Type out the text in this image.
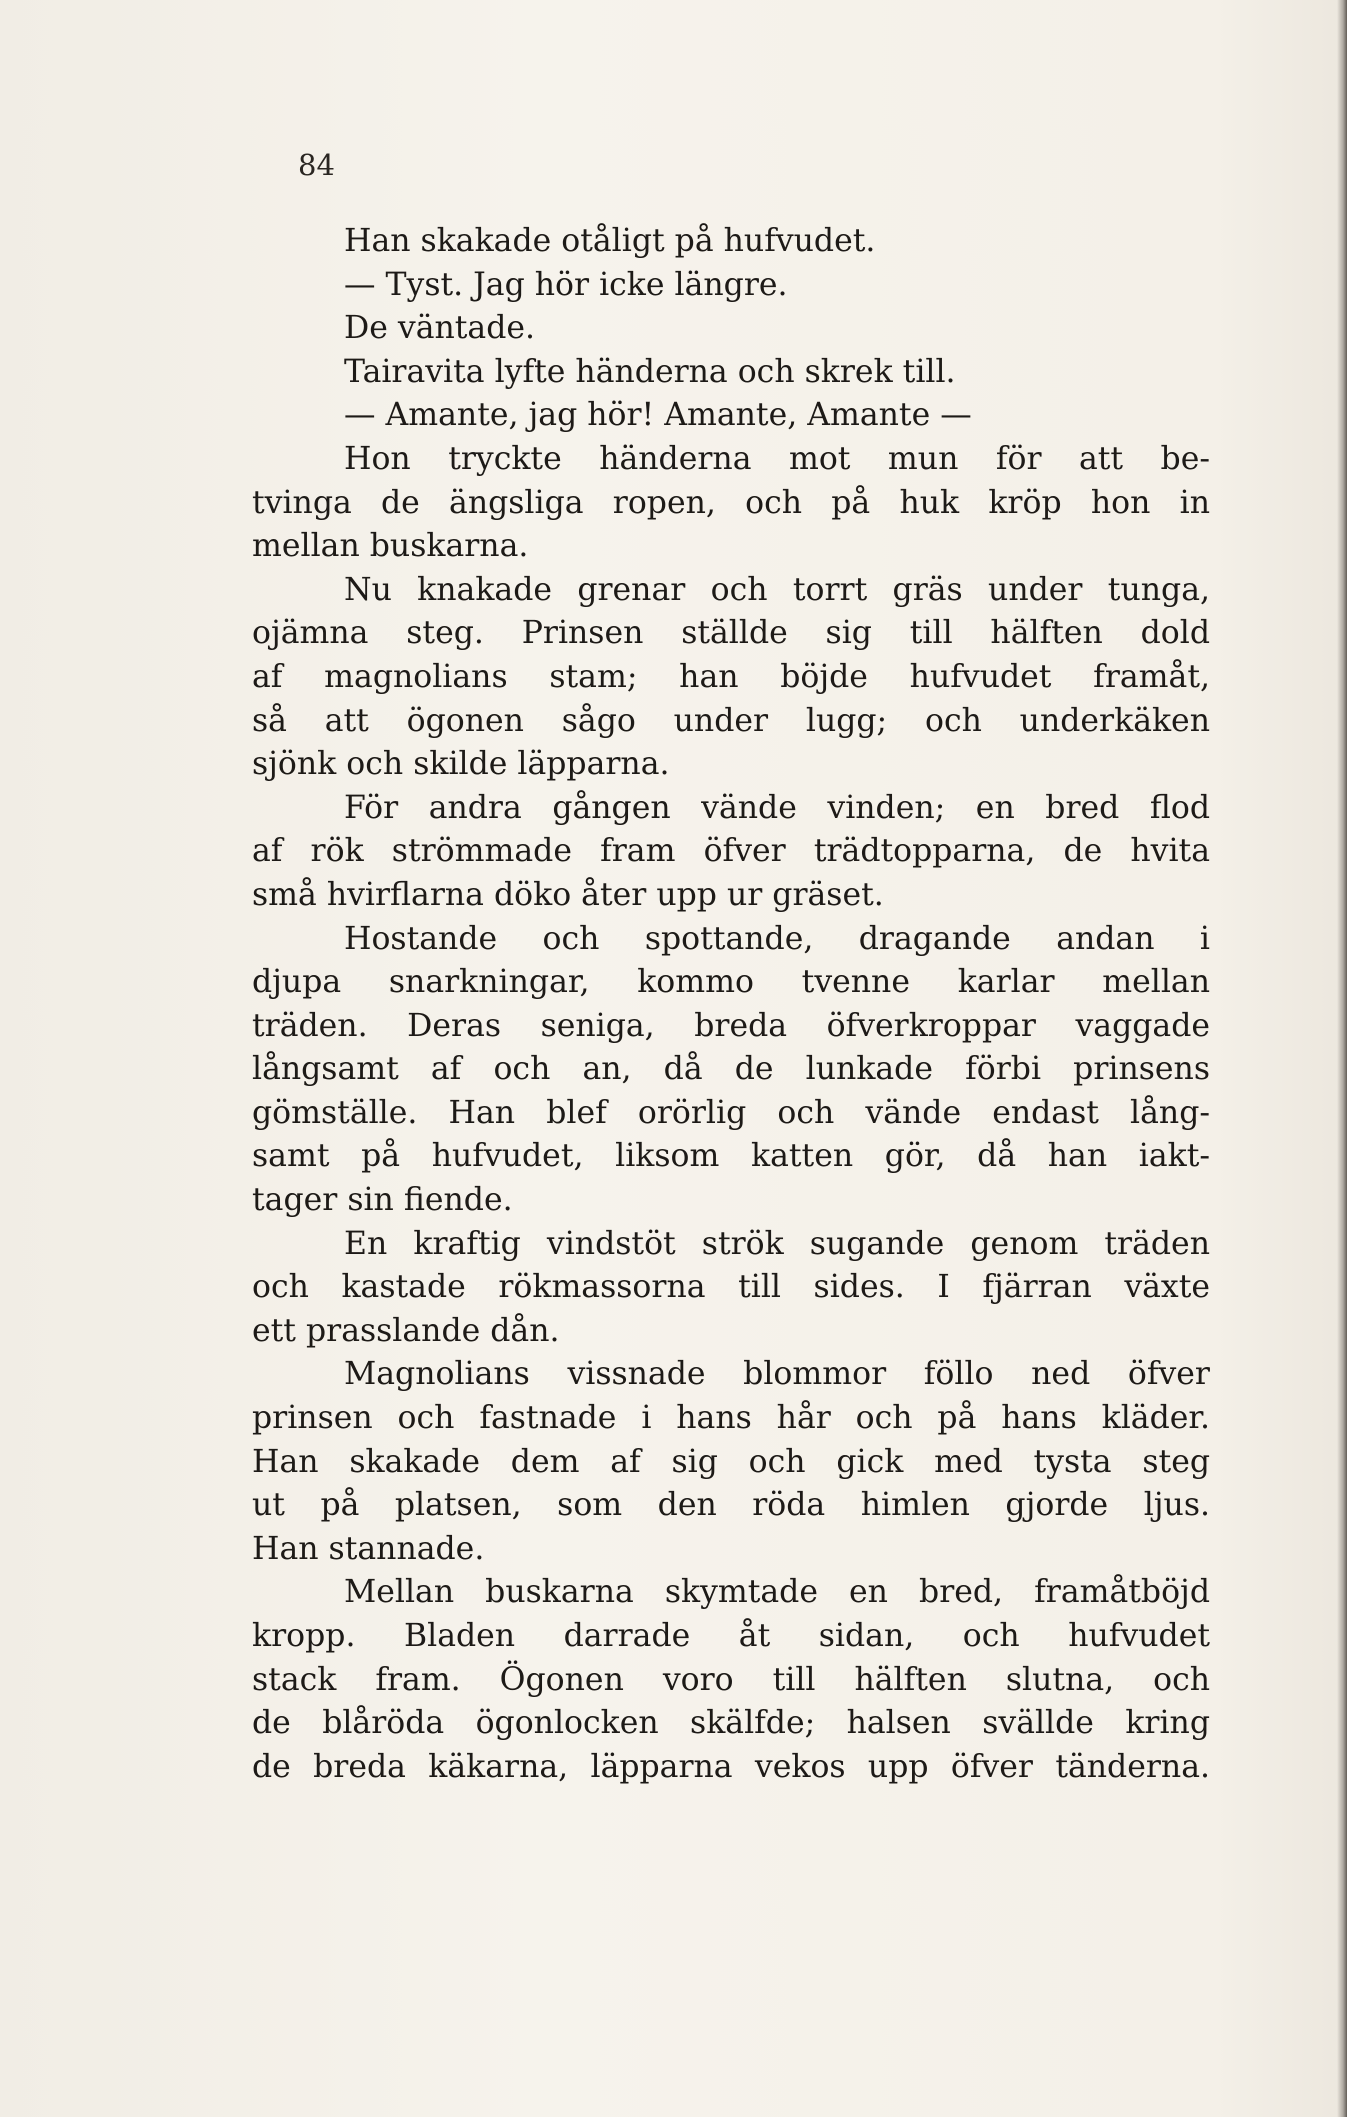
84
Han skakade otåligt på hufvudet.
— Tyst. Jag hör icke längre.
De väntade.
Tairavita lyfte händerna och skrek till.
— Amante, jag hör! Amante, Amante —
Hon tryckte händerna mot mun för att be-
tvinga de ängsliga ropen, och på huk kröp hon in
mellan buskarna.
Nu knakade grenar och torrt gräs under tunga,
ojämna steg. Prinsen ställde sig till hälften dold
af magnolians stam; han böjde hufvudet framåt,
så att ögonen sågo under lugg; och underkäken
sjönk och skilde läpparna.
För andra gången vände vinden; en bred flod
af rök strömmade fram öfver trädtopparna, de hvita
små hvirflarna döko åter upp ur gräset.
Hostande och spottande, dragande andan i
djupa snarkningar, kommo tvenne karlar mellan
träden. Deras seniga, breda öfverkroppar vaggade
långsamt af och an, då de lunkade förbi prinsens
gömställe. Han blef orörlig och vände endast lång-
samt på hufvudet, liksom katten gör, då han iakt-
tager sin fiende.
En kraftig vindstöt strök sugande genom träden
och kastade rökmassorna till sides. I fjärran växte
ett prasslande dån.
Magnolians vissnade blommor föllo ned öfver
prinsen och fastnade i hans hår och på hans kläder.
Han skakade dem af sig och gick med tysta steg
ut på platsen, som den röda himlen gjorde ljus.
Han stannade.
Mellan buskarna skymtade en bred, framåtböjd
kropp. Bladen darrade åt sidan, och hufvudet
stack fram. Ögonen voro till hälften slutna, och
de blåröda ögonlocken skälfde; halsen svällde kring
de breda käkarna, läpparna vekos upp öfver tänderna.
